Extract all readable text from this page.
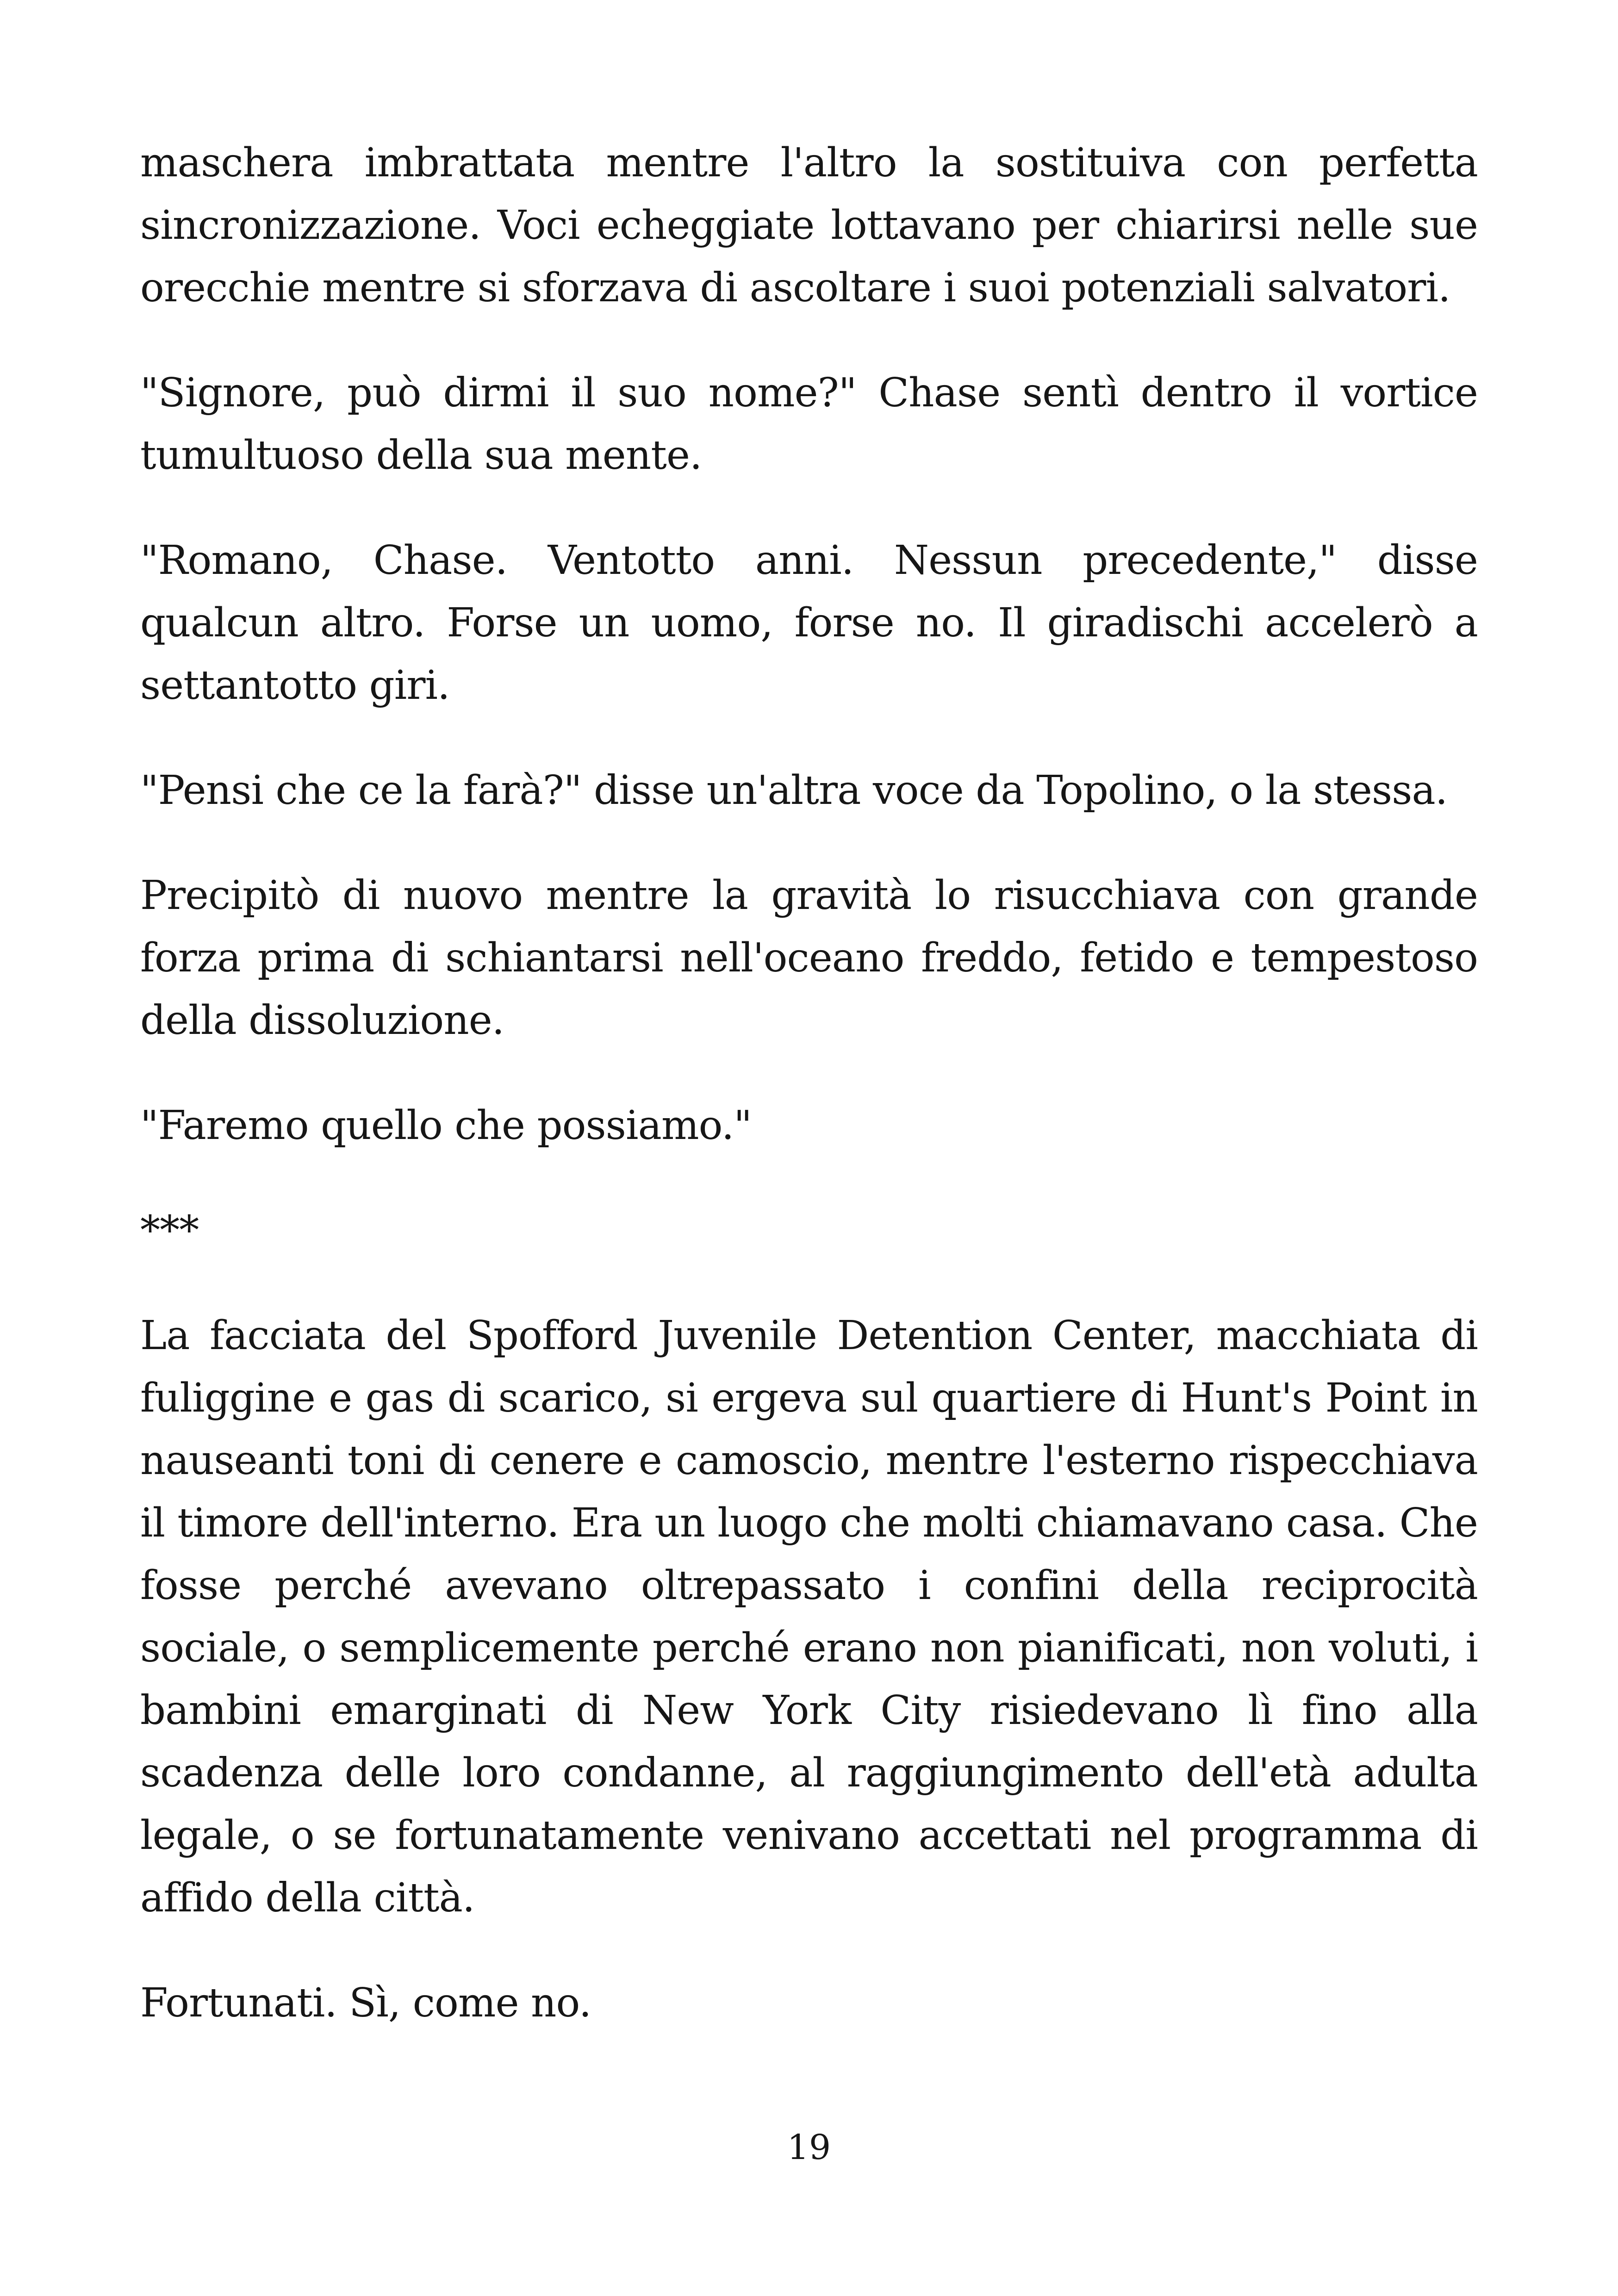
maschera imbrattata mentre l'altro la sostituiva con perfetta sincronizzazione. Voci echeggiate lottavano per chiarirsi nelle sue orecchie mentre si sforzava di ascoltare i suoi potenziali salvatori.

"Signore, può dirmi il suo nome?" Chase sentì dentro il vortice tumultuoso della sua mente.

"Romano, Chase. Ventotto anni. Nessun precedente," disse qualcun altro. Forse un uomo, forse no. Il giradischi accelerò a settantotto giri.

"Pensi che ce la farà?" disse un'altra voce da Topolino, o la stessa.

Precipitò di nuovo mentre la gravità lo risucchiava con grande forza prima di schiantarsi nell'oceano freddo, fetido e tempestoso della dissoluzione.

"Faremo quello che possiamo."

***

La facciata del Spofford Juvenile Detention Center, macchiata di fuliggine e gas di scarico, si ergeva sul quartiere di Hunt's Point in nauseanti toni di cenere e camoscio, mentre l'esterno rispecchiava il timore dell'interno. Era un luogo che molti chiamavano casa. Che fosse perché avevano oltrepassato i confini della reciprocità sociale, o semplicemente perché erano non pianificati, non voluti, i bambini emarginati di New York City risiedevano lì fino alla scadenza delle loro condanne, al raggiungimento dell'età adulta legale, o se fortunatamente venivano accettati nel programma di affido della città.

Fortunati. Sì, come no.

19
